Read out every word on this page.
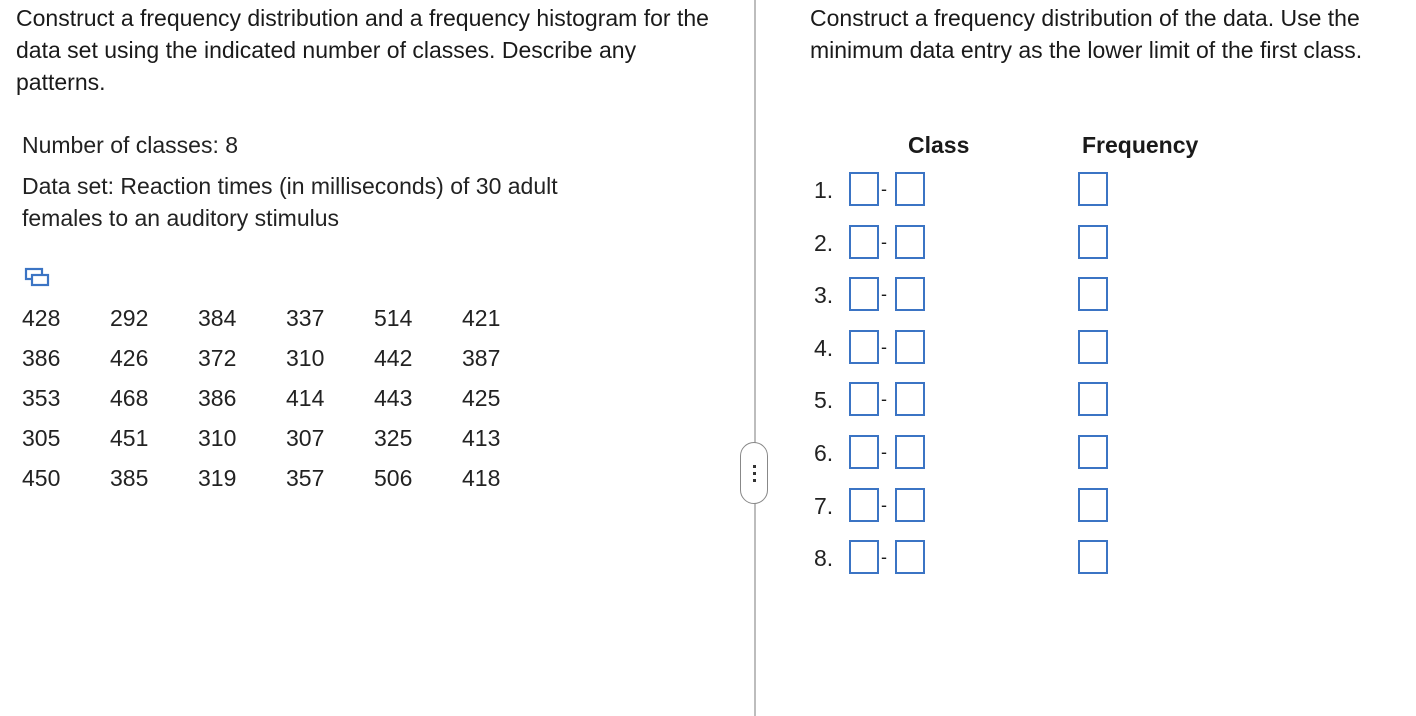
Construct a frequency distribution and a frequency histogram for the data set using the indicated number of classes. Describe any patterns.
Number of classes: 8
Data set: Reaction times (in milliseconds) of 30 adult females to an auditory stimulus
428 292 384 337 514 421
386 426 372 310 442 387
353 468 386 414 443 425
305 451 310 307 325 413
450 385 319 357 506 418
Construct a frequency distribution of the data. Use the minimum data entry as the lower limit of the first class.
Class	Frequency
1.	-
2.	-
3.	-
4.	-
5.	-
6.	-
7.	-
8.	-
